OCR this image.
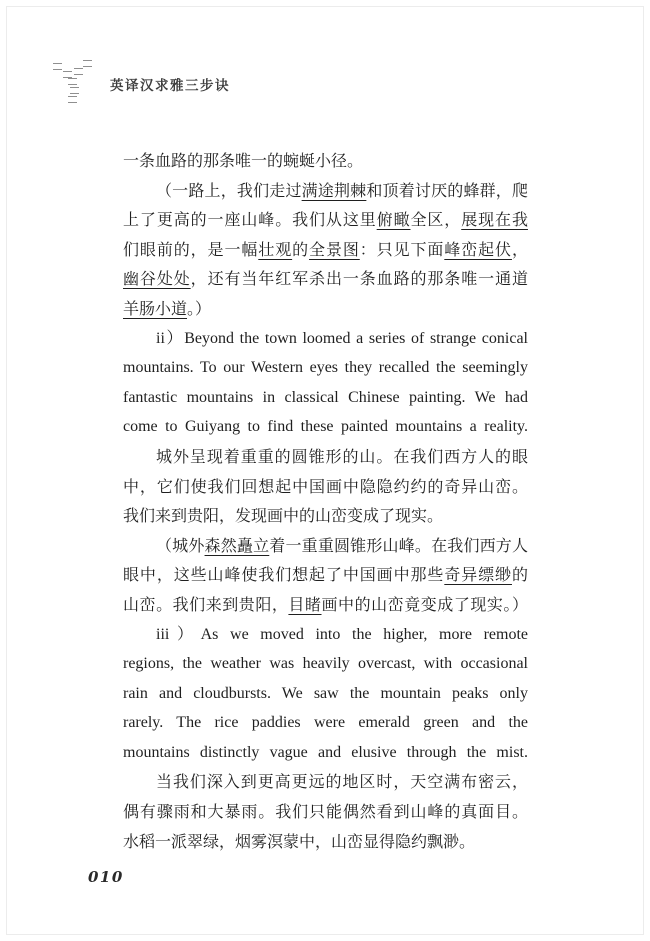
英译汉求雅三步诀
一条血路的那条唯一的蜿蜒小径。
（一路上，我们走过满途荆棘和顶着讨厌的蜂群，爬
上了更高的一座山峰。我们从这里俯瞰全区，展现在我
们眼前的，是一幅壮观的全景图：只见下面峰峦起伏，
幽谷处处，还有当年红军杀出一条血路的那条唯一通道
羊肠小道。）
ii）Beyond the town loomed a series of strange conical
mountains. To our Western eyes they recalled the seemingly
fantastic mountains in classical Chinese painting. We had
come to Guiyang to find these painted mountains a reality.
城外呈现着重重的圆锥形的山。在我们西方人的眼
中，它们使我们回想起中国画中隐隐约约的奇异山峦。
我们来到贵阳，发现画中的山峦变成了现实。
（城外森然矗立着一重重圆锥形山峰。在我们西方人
眼中，这些山峰使我们想起了中国画中那些奇异缥缈的
山峦。我们来到贵阳，目睹画中的山峦竟变成了现实。）
iii）As we moved into the higher, more remote
regions, the weather was heavily overcast, with occasional
rain and cloudbursts. We saw the mountain peaks only
rarely. The rice paddies were emerald green and the
mountains distinctly vague and elusive through the mist.
当我们深入到更高更远的地区时，天空满布密云，
偶有骤雨和大暴雨。我们只能偶然看到山峰的真面目。
水稻一派翠绿，烟雾溟蒙中，山峦显得隐约飘渺。
010
